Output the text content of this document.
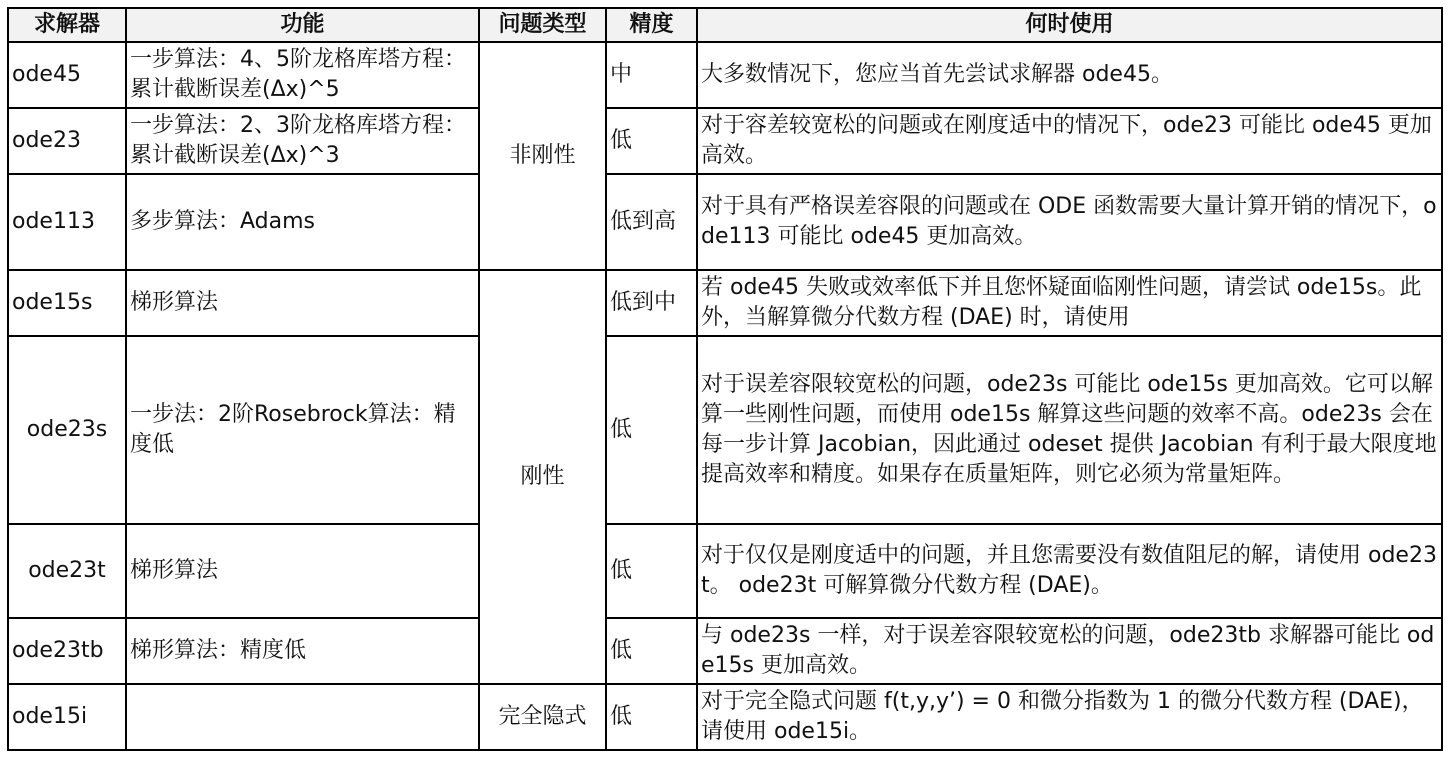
求解器	功能	问题类型	精度	何时使用
ode45	一步算法：4、5阶龙格库塔方程：累计截断误差(Δx)^5	非刚性	中	大多数情况下，您应当首先尝试求解器 ode45。
ode23	一步算法：2、3阶龙格库塔方程：累计截断误差(Δx)^3		低	对于容差较宽松的问题或在刚度适中的情况下，ode23 可能比 ode45 更加高效。
ode113	多步算法：Adams		低到高	对于具有严格误差容限的问题或在 ODE 函数需要大量计算开销的情况下，ode113 可能比 ode45 更加高效。
ode15s	梯形算法	刚性	低到中	若 ode45 失败或效率低下并且您怀疑面临刚性问题，请尝试 ode15s。此外，当解算微分代数方程 (DAE) 时，请使用
ode23s	一步法：2阶Rosebrock算法：精度低		低	对于误差容限较宽松的问题，ode23s 可能比 ode15s 更加高效。它可以解算一些刚性问题，而使用 ode15s 解算这些问题的效率不高。ode23s 会在每一步计算 Jacobian，因此通过 odeset 提供 Jacobian 有利于最大限度地提高效率和精度。如果存在质量矩阵，则它必须为常量矩阵。
ode23t	梯形算法		低	对于仅仅是刚度适中的问题，并且您需要没有数值阻尼的解，请使用 ode23t。 ode23t 可解算微分代数方程 (DAE)。
ode23tb	梯形算法：精度低		低	与 ode23s 一样，对于误差容限较宽松的问题，ode23tb 求解器可能比 ode15s 更加高效。
ode15i		完全隐式	低	对于完全隐式问题 f(t,y,y’) = 0 和微分指数为 1 的微分代数方程 (DAE)，请使用 ode15i。
